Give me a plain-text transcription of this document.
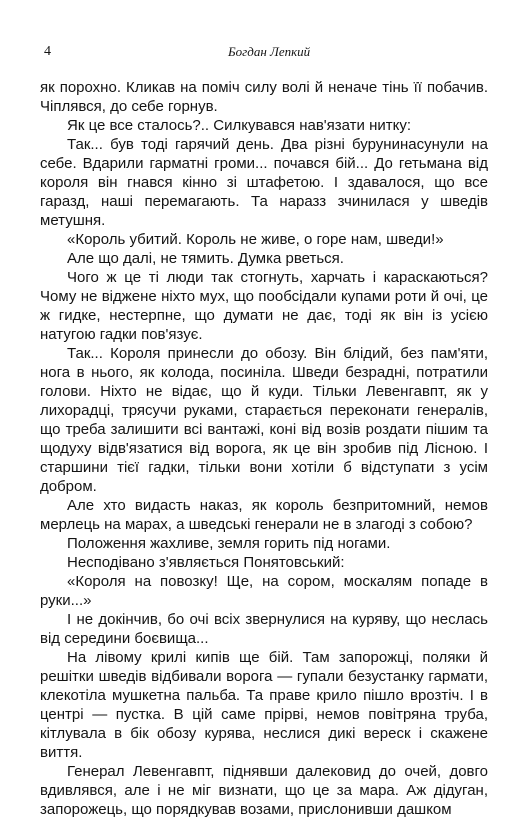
4	Богдан Лепкий

як порохно. Кликав на поміч силу волі й неначе тінь її побачив. Чіплявся, до себе горнув.

Як це все сталось?.. Силкувався нав'язати нитку:

Так... був тоді гарячий день. Два різні бурунинасунули на себе. Вдарили гарматні громи... почався бій... До гетьмана від короля він гнався кінно зі штафетою. І здавалося, що все гаразд, наші перемагають. Та наразз зчинилася у шведів метушня.

«Король убитий. Король не живе, о горе нам, шведи!»

Але що далі, не тямить. Думка рветься.

Чого ж це ті люди так стогнуть, харчать і караскаються? Чому не віджене ніхто мух, що пообсідали купами роти й очі, це ж гидке, нестерпне, що думати не дає, тоді як він із усією натугою гадки пов'язує.

Так... Короля принесли до обозу. Він блідий, без пам'яти, нога в нього, як колода, посиніла. Шведи безрадні, потратили голови. Ніхто не відає, що й куди. Тільки Левенгавпт, як у лихорадці, трясучи руками, старається переконати генералів, що треба залишити всі вантажі, коні від возів роздати пішим та щодуху відв'язатися від ворога, як це він зробив під Лісною. І старшини тієї гадки, тільки вони хотіли б відступати з усім добром.

Але хто видасть наказ, як король безпритомний, немов мерлець на марах, а шведські генерали не в злагоді з собою?

Положення жахливе, земля горить під ногами.

Несподівано з'являється Понятовський:

«Короля на повозку! Ще, на сором, москалям попаде в руки...»

І не докінчив, бо очі всіх звернулися на куряву, що неслась від середини боєвища...

На лівому крилі кипів ще бій. Там запорожці, поляки й решітки шведів відбивали ворога — гупали безустанку гармати, клекотіла мушкетна пальба. Та праве крило пішло врозтіч. І в центрі — пустка. В цій саме прірві, немов повітряна труба, кітлувала в бік обозу курява, неслися дикі вереск і скажене виття.

Генерал Левенгавпт, піднявши далековид до очей, довго вдивлявся, але і не міг визнати, що це за мара. Аж дідуган, запорожець, що порядкував возами, прислонивши дашком
